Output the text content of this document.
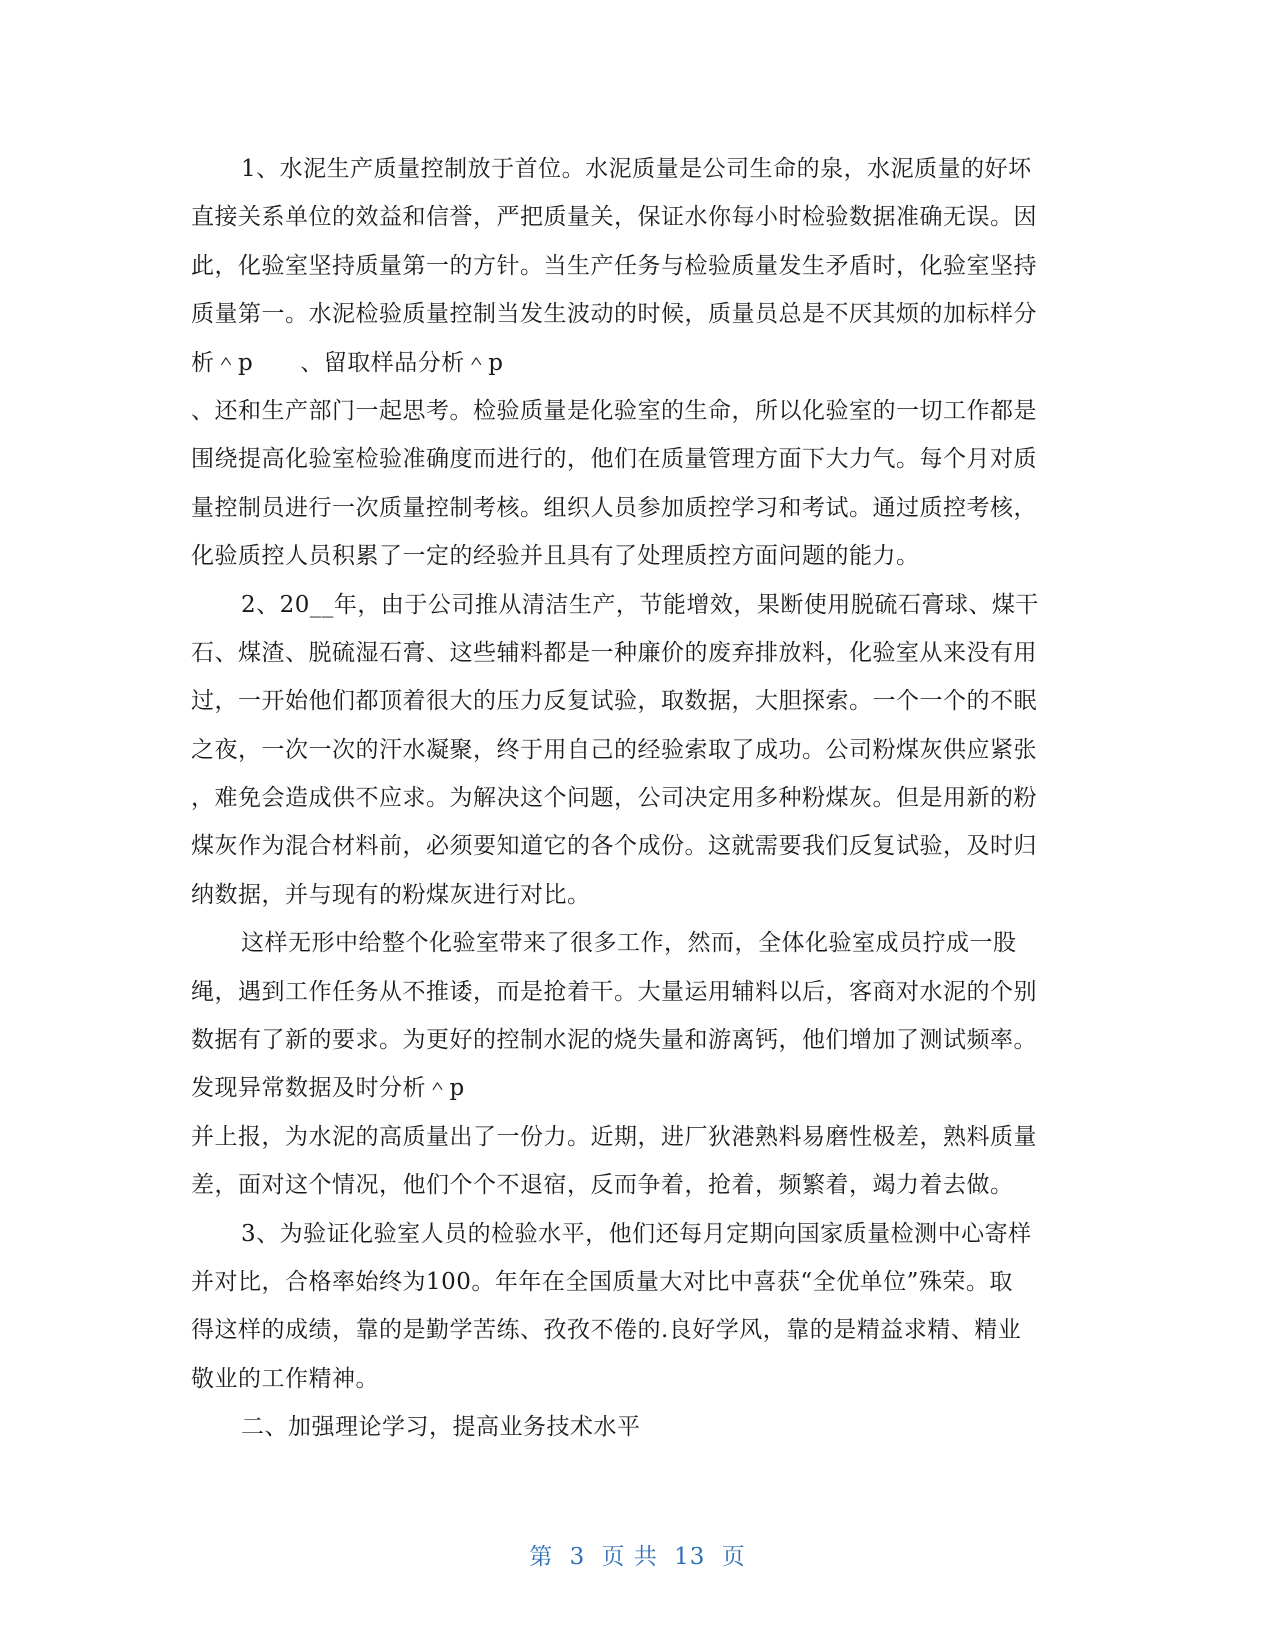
1、水泥生产质量控制放于首位。水泥质量是公司生命的泉，水泥质量的好坏
直接关系单位的效益和信誉，严把质量关，保证水你每小时检验数据准确无误。因
此，化验室坚持质量第一的方针。当生产任务与检验质量发生矛盾时，化验室坚持
质量第一。水泥检验质量控制当发生波动的时候，质量员总是不厌其烦的加标样分
析＾p　　、留取样品分析＾p
、还和生产部门一起思考。检验质量是化验室的生命，所以化验室的一切工作都是
围绕提高化验室检验准确度而进行的，他们在质量管理方面下大力气。每个月对质
量控制员进行一次质量控制考核。组织人员参加质控学习和考试。通过质控考核，
化验质控人员积累了一定的经验并且具有了处理质控方面问题的能力。
2、20__年，由于公司推从清洁生产，节能增效，果断使用脱硫石膏球、煤干
石、煤渣、脱硫湿石膏、这些辅料都是一种廉价的废弃排放料，化验室从来没有用
过，一开始他们都顶着很大的压力反复试验，取数据，大胆探索。一个一个的不眠
之夜，一次一次的汗水凝聚，终于用自己的经验索取了成功。公司粉煤灰供应紧张
，难免会造成供不应求。为解决这个问题，公司决定用多种粉煤灰。但是用新的粉
煤灰作为混合材料前，必须要知道它的各个成份。这就需要我们反复试验，及时归
纳数据，并与现有的粉煤灰进行对比。
这样无形中给整个化验室带来了很多工作，然而，全体化验室成员拧成一股
绳，遇到工作任务从不推诿，而是抢着干。大量运用辅料以后，客商对水泥的个别
数据有了新的要求。为更好的控制水泥的烧失量和游离钙，他们增加了测试频率。
发现异常数据及时分析＾p
并上报，为水泥的高质量出了一份力。近期，进厂狄港熟料易磨性极差，熟料质量
差，面对这个情况，他们个个不退宿，反而争着，抢着，频繁着，竭力着去做。
3、为验证化验室人员的检验水平，他们还每月定期向国家质量检测中心寄样
并对比，合格率始终为100。年年在全国质量大对比中喜获“全优单位”殊荣。取
得这样的成绩，靠的是勤学苦练、孜孜不倦的.良好学风，靠的是精益求精、精业
敬业的工作精神。
二、加强理论学习，提高业务技术水平
第 3 页 共 13 页
